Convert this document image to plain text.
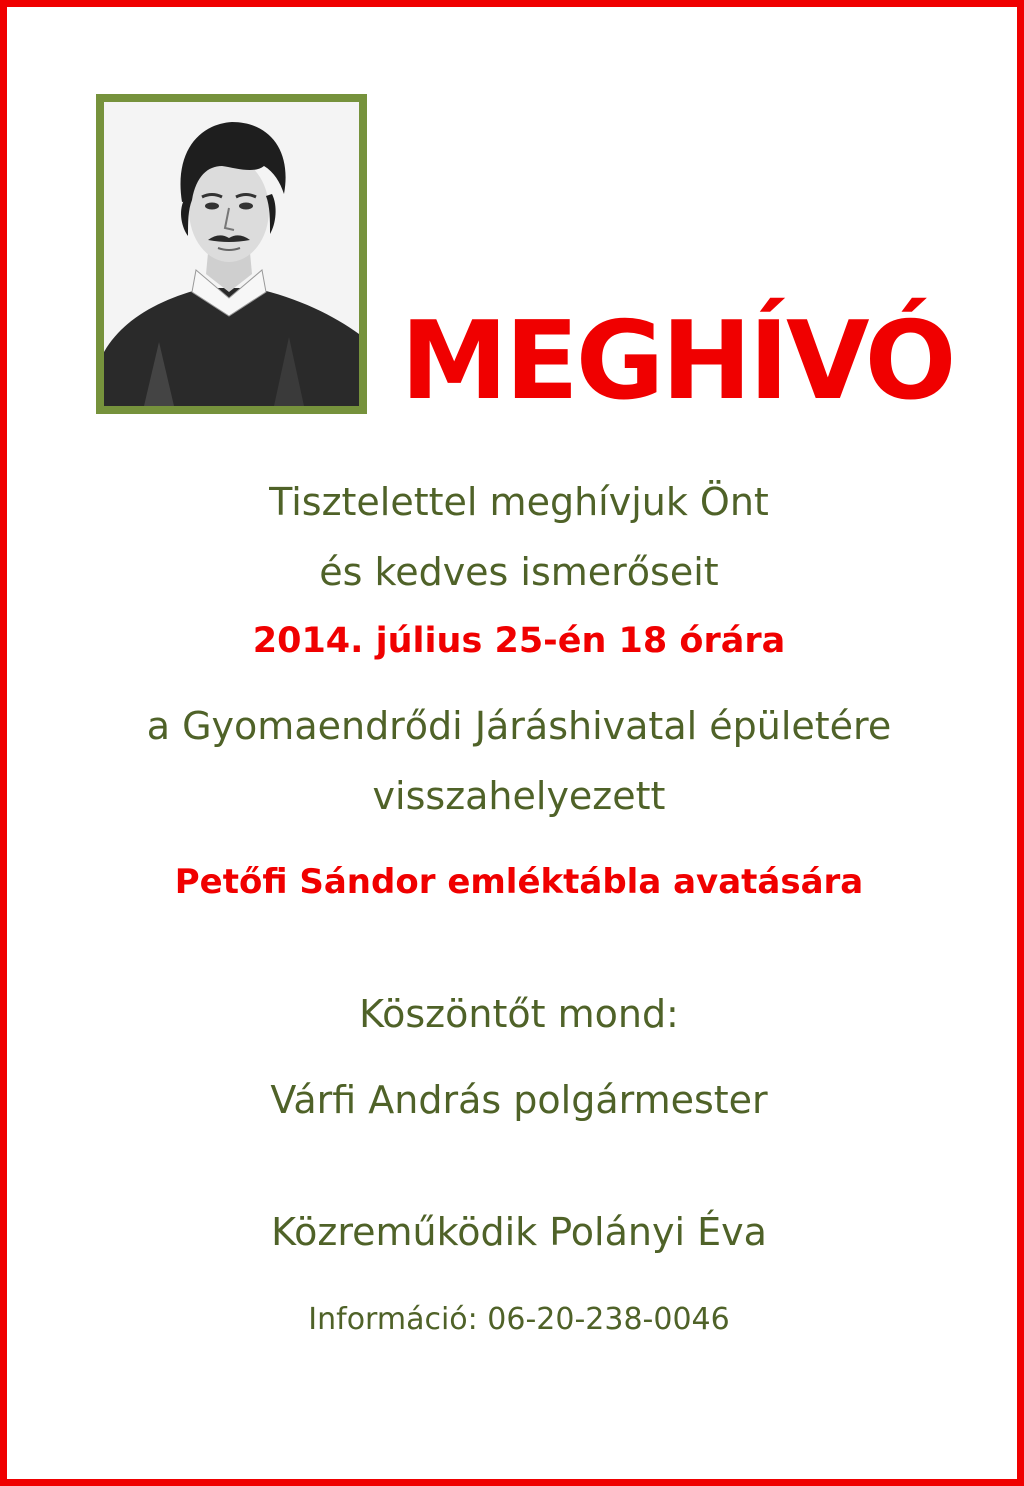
MEGHÍVÓ
Tisztelettel meghívjuk Önt
és kedves ismerőseit
2014. július 25-én 18 órára
a Gyomaendrődi Járáshivatal épületére
visszahelyezett
Petőfi Sándor emléktábla avatására
Köszöntőt mond:
Várfi András polgármester
Közreműködik Polányi Éva
Információ: 06-20-238-0046
